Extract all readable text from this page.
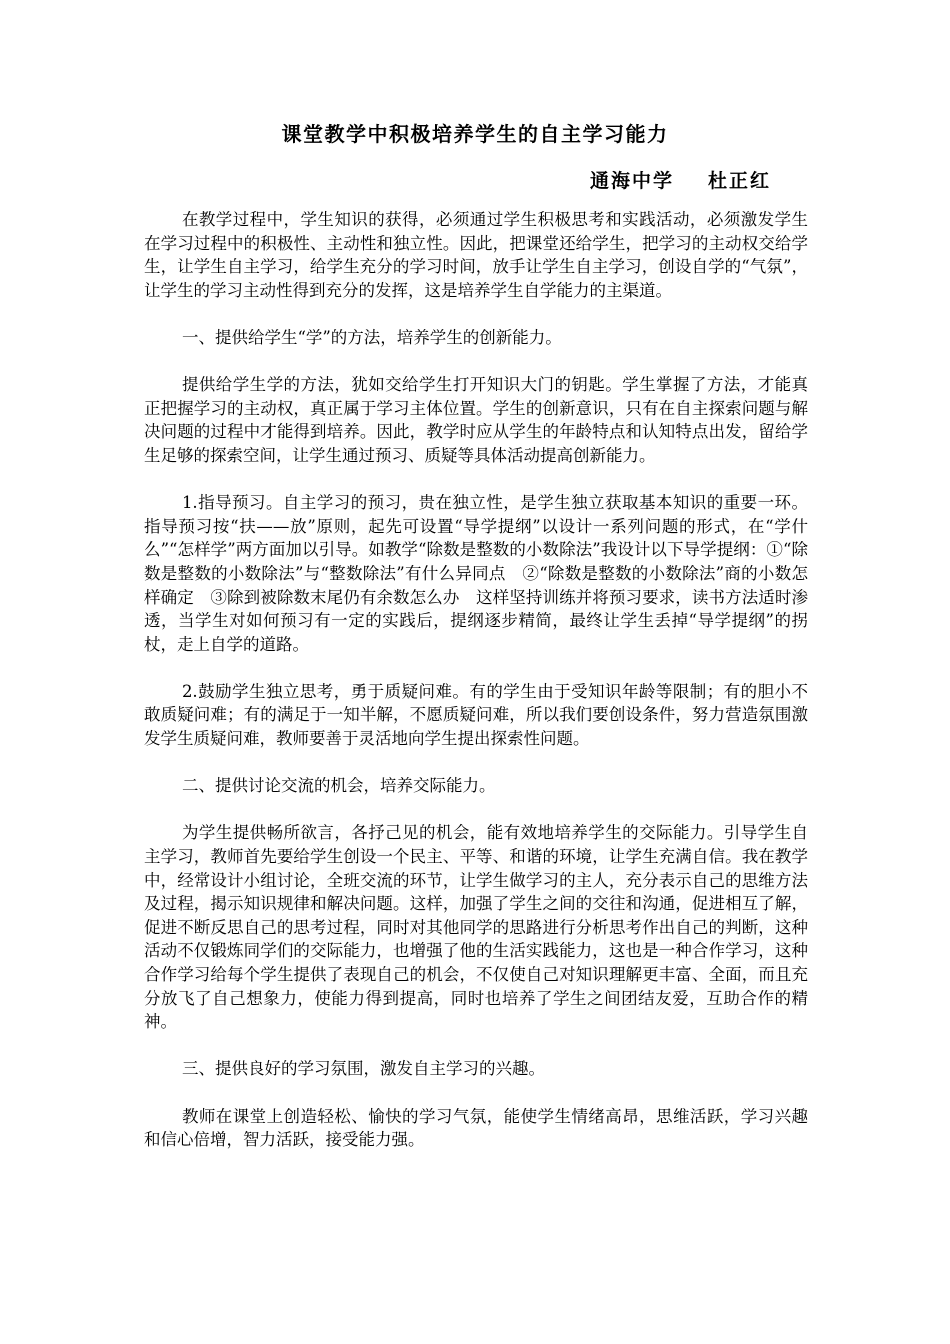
课堂教学中积极培养学生的自主学习能力
通海中学 杜正红

在教学过程中，学生知识的获得，必须通过学生积极思考和实践活动，必须激发学生在学习过程中的积极性、主动性和独立性。因此，把课堂还给学生，把学习的主动权交给学生，让学生自主学习，给学生充分的学习时间，放手让学生自主学习，创设自学的“气氛”，让学生的学习主动性得到充分的发挥，这是培养学生自学能力的主渠道。

一、提供给学生“学”的方法，培养学生的创新能力。

提供给学生学的方法，犹如交给学生打开知识大门的钥匙。学生掌握了方法，才能真正把握学习的主动权，真正属于学习主体位置。学生的创新意识，只有在自主探索问题与解决问题的过程中才能得到培养。因此，教学时应从学生的年龄特点和认知特点出发，留给学生足够的探索空间，让学生通过预习、质疑等具体活动提高创新能力。

1.指导预习。自主学习的预习，贵在独立性，是学生独立获取基本知识的重要一环。指导预习按“扶——放”原则，起先可设置“导学提纲”以设计一系列问题的形式，在“学什么”“怎样学”两方面加以引导。如教学“除数是整数的小数除法”我设计以下导学提纲：①“除数是整数的小数除法”与“整数除法”有什么异同点　②“除数是整数的小数除法”商的小数怎样确定　③除到被除数末尾仍有余数怎么办　这样坚持训练并将预习要求，读书方法适时渗透，当学生对如何预习有一定的实践后，提纲逐步精简，最终让学生丢掉“导学提纲”的拐杖，走上自学的道路。

2.鼓励学生独立思考，勇于质疑问难。有的学生由于受知识年龄等限制；有的胆小不敢质疑问难；有的满足于一知半解，不愿质疑问难，所以我们要创设条件，努力营造氛围激发学生质疑问难，教师要善于灵活地向学生提出探索性问题。

二、提供讨论交流的机会，培养交际能力。

为学生提供畅所欲言，各抒己见的机会，能有效地培养学生的交际能力。引导学生自主学习，教师首先要给学生创设一个民主、平等、和谐的环境，让学生充满自信。我在教学中，经常设计小组讨论，全班交流的环节，让学生做学习的主人，充分表示自己的思维方法及过程，揭示知识规律和解决问题。这样，加强了学生之间的交往和沟通，促进相互了解，促进不断反思自己的思考过程，同时对其他同学的思路进行分析思考作出自己的判断，这种活动不仅锻炼同学们的交际能力，也增强了他的生活实践能力，这也是一种合作学习，这种合作学习给每个学生提供了表现自己的机会，不仅使自己对知识理解更丰富、全面，而且充分放飞了自己想象力，使能力得到提高，同时也培养了学生之间团结友爱，互助合作的精神。

三、提供良好的学习氛围，激发自主学习的兴趣。

教师在课堂上创造轻松、愉快的学习气氛，能使学生情绪高昂，思维活跃，学习兴趣和信心倍增，智力活跃，接受能力强。
